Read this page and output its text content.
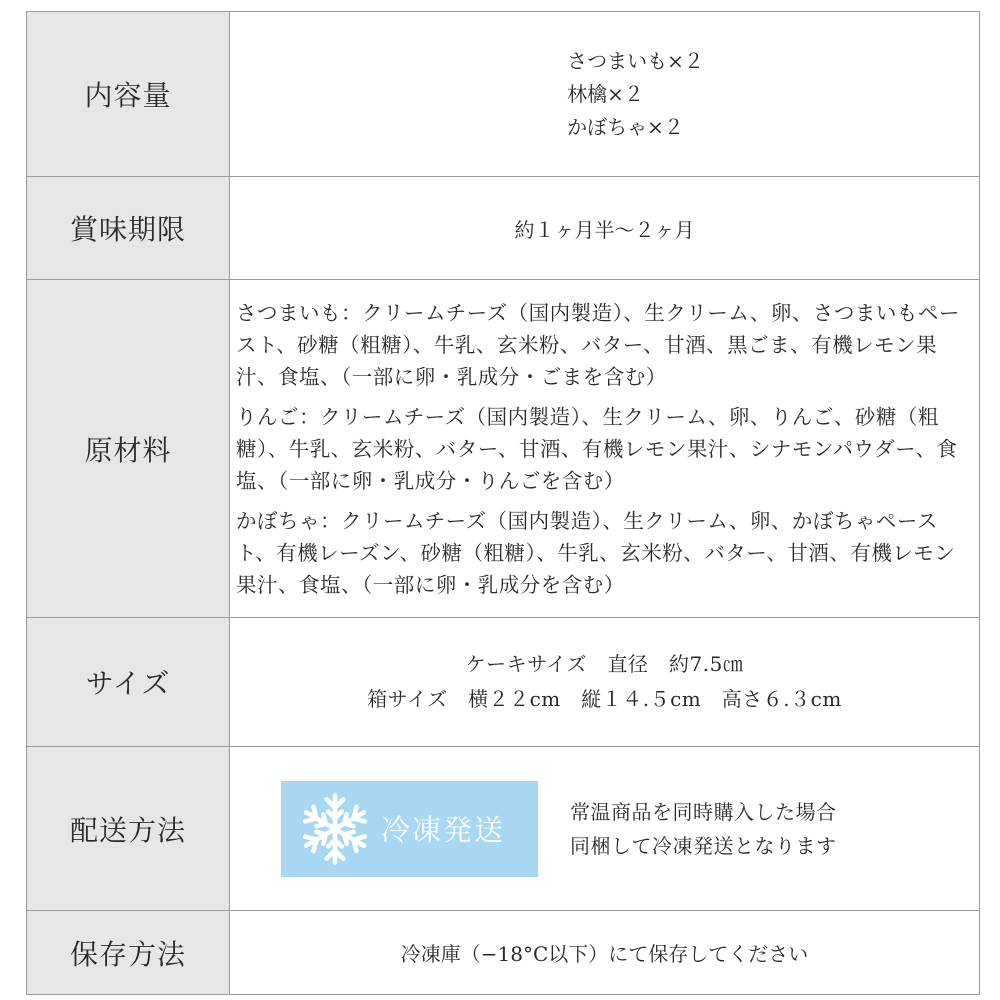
内容量	さつまいも×２
林檎×２
かぼちゃ×２

賞味期限	約１ヶ月半〜２ヶ月
原材料	さつまいも：クリームチーズ（国内製造）、生クリーム、卵、さつまいもペースト、砂糖（粗糖）、牛乳、玄米粉、バター、甘酒、黒ごま、有機レモン果汁、食塩、（一部に卵・乳成分・ごまを含む）

りんご：クリームチーズ（国内製造）、生クリーム、卵、りんご、砂糖（粗糖）、牛乳、玄米粉、バター、甘酒、有機レモン果汁、シナモンパウダー、食塩、（一部に卵・乳成分・りんごを含む）

かぼちゃ：クリームチーズ（国内製造）、生クリーム、卵、かぼちゃペースト、有機レーズン、砂糖（粗糖）、牛乳、玄米粉、バター、甘酒、有機レモン果汁、食塩、（一部に卵・乳成分を含む）

サイズ	ケーキサイズ　直径　約7.5㎝
箱サイズ　横２２cm　縦１４.５cm　高さ６.３cm

配送方法	冷凍発送
常温商品を同時購入した場合
同梱して冷凍発送となります

保存方法	冷凍庫（−18°C以下）にて保存してください
